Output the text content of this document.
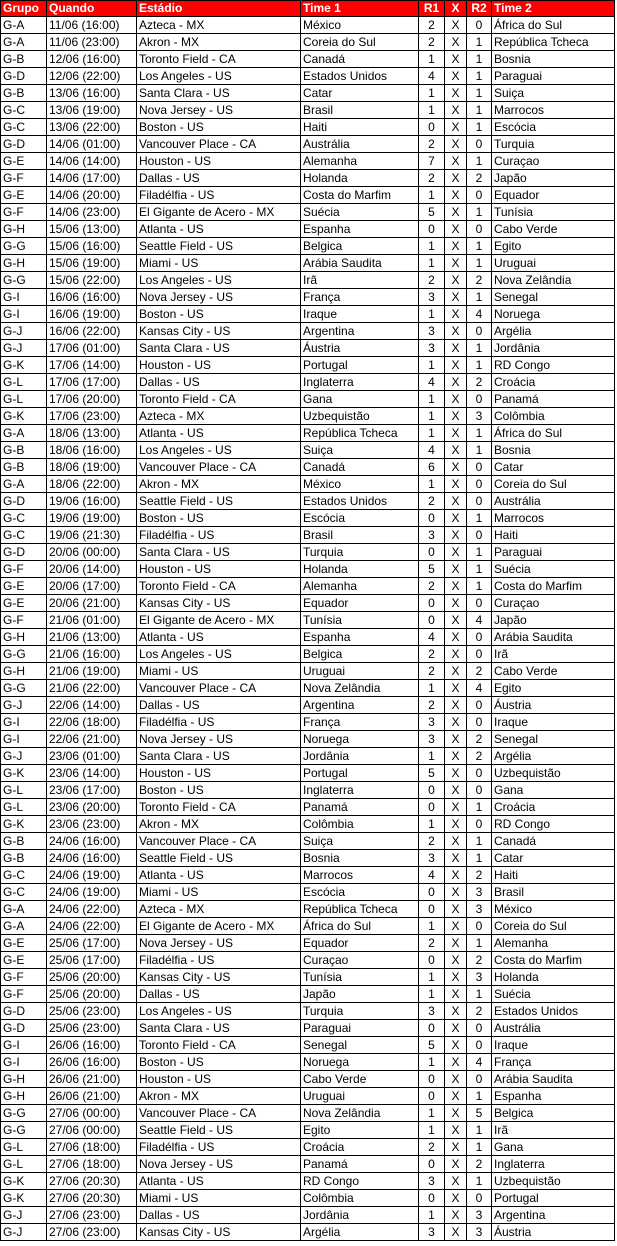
Grupo	Quando	Estádio	Time 1	R1	X	R2	Time 2
G-A	11/06 (16:00)	Azteca - MX	México	2	X	0	África do Sul
G-A	11/06 (23:00)	Akron - MX	Coreia do Sul	2	X	1	República Tcheca
G-B	12/06 (16:00)	Toronto Field - CA	Canadá	1	X	1	Bosnia
G-D	12/06 (22:00)	Los Angeles - US	Estados Unidos	4	X	1	Paraguai
G-B	13/06 (16:00)	Santa Clara - US	Catar	1	X	1	Suiça
G-C	13/06 (19:00)	Nova Jersey - US	Brasil	1	X	1	Marrocos
G-C	13/06 (22:00)	Boston - US	Haiti	0	X	1	Escócia
G-D	14/06 (01:00)	Vancouver Place - CA	Austrália	2	X	0	Turquia
G-E	14/06 (14:00)	Houston - US	Alemanha	7	X	1	Curaçao
G-F	14/06 (17:00)	Dallas - US	Holanda	2	X	2	Japão
G-E	14/06 (20:00)	Filadélfia - US	Costa do Marfim	1	X	0	Equador
G-F	14/06 (23:00)	El Gigante de Acero - MX	Suécia	5	X	1	Tunísia
G-H	15/06 (13:00)	Atlanta - US	Espanha	0	X	0	Cabo Verde
G-G	15/06 (16:00)	Seattle Field - US	Belgica	1	X	1	Egito
G-H	15/06 (19:00)	Miami - US	Arábia Saudita	1	X	1	Uruguai
G-G	15/06 (22:00)	Los Angeles - US	Irã	2	X	2	Nova Zelândia
G-I	16/06 (16:00)	Nova Jersey - US	França	3	X	1	Senegal
G-I	16/06 (19:00)	Boston - US	Iraque	1	X	4	Noruega
G-J	16/06 (22:00)	Kansas City - US	Argentina	3	X	0	Argélia
G-J	17/06 (01:00)	Santa Clara - US	Áustria	3	X	1	Jordânia
G-K	17/06 (14:00)	Houston - US	Portugal	1	X	1	RD Congo
G-L	17/06 (17:00)	Dallas - US	Inglaterra	4	X	2	Croácia
G-L	17/06 (20:00)	Toronto Field - CA	Gana	1	X	0	Panamá
G-K	17/06 (23:00)	Azteca - MX	Uzbequistão	1	X	3	Colômbia
G-A	18/06 (13:00)	Atlanta - US	República Tcheca	1	X	1	África do Sul
G-B	18/06 (16:00)	Los Angeles - US	Suiça	4	X	1	Bosnia
G-B	18/06 (19:00)	Vancouver Place - CA	Canadá	6	X	0	Catar
G-A	18/06 (22:00)	Akron - MX	México	1	X	0	Coreia do Sul
G-D	19/06 (16:00)	Seattle Field - US	Estados Unidos	2	X	0	Austrália
G-C	19/06 (19:00)	Boston - US	Escócia	0	X	1	Marrocos
G-C	19/06 (21:30)	Filadélfia - US	Brasil	3	X	0	Haiti
G-D	20/06 (00:00)	Santa Clara - US	Turquia	0	X	1	Paraguai
G-F	20/06 (14:00)	Houston - US	Holanda	5	X	1	Suécia
G-E	20/06 (17:00)	Toronto Field - CA	Alemanha	2	X	1	Costa do Marfim
G-E	20/06 (21:00)	Kansas City - US	Equador	0	X	0	Curaçao
G-F	21/06 (01:00)	El Gigante de Acero - MX	Tunísia	0	X	4	Japão
G-H	21/06 (13:00)	Atlanta - US	Espanha	4	X	0	Arábia Saudita
G-G	21/06 (16:00)	Los Angeles - US	Belgica	2	X	0	Irã
G-H	21/06 (19:00)	Miami - US	Uruguai	2	X	2	Cabo Verde
G-G	21/06 (22:00)	Vancouver Place - CA	Nova Zelândia	1	X	4	Egito
G-J	22/06 (14:00)	Dallas - US	Argentina	2	X	0	Áustria
G-I	22/06 (18:00)	Filadélfia - US	França	3	X	0	Iraque
G-I	22/06 (21:00)	Nova Jersey - US	Noruega	3	X	2	Senegal
G-J	23/06 (01:00)	Santa Clara - US	Jordânia	1	X	2	Argélia
G-K	23/06 (14:00)	Houston - US	Portugal	5	X	0	Uzbequistão
G-L	23/06 (17:00)	Boston - US	Inglaterra	0	X	0	Gana
G-L	23/06 (20:00)	Toronto Field - CA	Panamá	0	X	1	Croácia
G-K	23/06 (23:00)	Akron - MX	Colômbia	1	X	0	RD Congo
G-B	24/06 (16:00)	Vancouver Place - CA	Suiça	2	X	1	Canadá
G-B	24/06 (16:00)	Seattle Field - US	Bosnia	3	X	1	Catar
G-C	24/06 (19:00)	Atlanta - US	Marrocos	4	X	2	Haiti
G-C	24/06 (19:00)	Miami - US	Escócia	0	X	3	Brasil
G-A	24/06 (22:00)	Azteca - MX	República Tcheca	0	X	3	México
G-A	24/06 (22:00)	El Gigante de Acero - MX	África do Sul	1	X	0	Coreia do Sul
G-E	25/06 (17:00)	Nova Jersey - US	Equador	2	X	1	Alemanha
G-E	25/06 (17:00)	Filadélfia - US	Curaçao	0	X	2	Costa do Marfim
G-F	25/06 (20:00)	Kansas City - US	Tunísia	1	X	3	Holanda
G-F	25/06 (20:00)	Dallas - US	Japão	1	X	1	Suécia
G-D	25/06 (23:00)	Los Angeles - US	Turquia	3	X	2	Estados Unidos
G-D	25/06 (23:00)	Santa Clara - US	Paraguai	0	X	0	Austrália
G-I	26/06 (16:00)	Toronto Field - CA	Senegal	5	X	0	Iraque
G-I	26/06 (16:00)	Boston - US	Noruega	1	X	4	França
G-H	26/06 (21:00)	Houston - US	Cabo Verde	0	X	0	Arábia Saudita
G-H	26/06 (21:00)	Akron - MX	Uruguai	0	X	1	Espanha
G-G	27/06 (00:00)	Vancouver Place - CA	Nova Zelândia	1	X	5	Belgica
G-G	27/06 (00:00)	Seattle Field - US	Egito	1	X	1	Irã
G-L	27/06 (18:00)	Filadélfia - US	Croácia	2	X	1	Gana
G-L	27/06 (18:00)	Nova Jersey - US	Panamá	0	X	2	Inglaterra
G-K	27/06 (20:30)	Atlanta - US	RD Congo	3	X	1	Uzbequistão
G-K	27/06 (20:30)	Miami - US	Colômbia	0	X	0	Portugal
G-J	27/06 (23:00)	Dallas - US	Jordânia	1	X	3	Argentina
G-J	27/06 (23:00)	Kansas City - US	Argélia	3	X	3	Áustria
